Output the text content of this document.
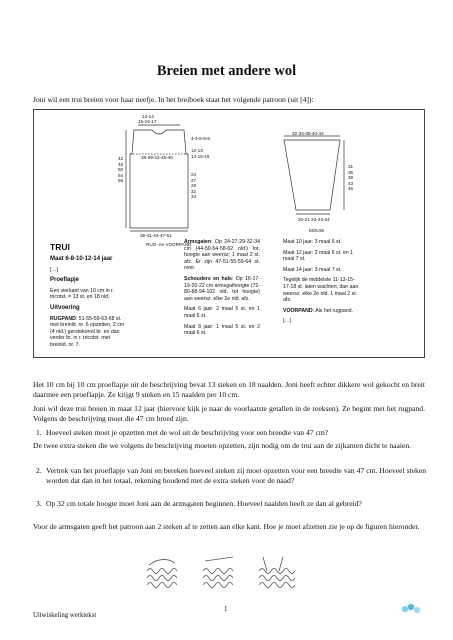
Breien met andere wol
Joni wil een trui breien voor haar neefje. In het breiboek staat het volgende patroon (uit [4]):
13-14
15-16-17
4-4-5-5-6
38-39-42-45-49
12-13
14-15-16
24
27
29
32
34
42
46
50
54
58
36-41-44-47-51
RUG- en VOORPAND
32-34-38-40-44
31
35
39
43
46
20-21-22-23-24
MOUW
TRUI

Maat 6-8-10-12-14 jaar

[…]

Proeflapje

Een vierkant van 10 cm in r. tricotst. = 13 st. en 18 nld.

Uitvoering

RUGPAND: 51-55-59-63-68 st. met breinld. nr. 6 opzetten, 2 cm (4 nld.) gerstekorrel br. en dan verder br. in r. tricotst. met breinld. nr. 7.

Armsgaten: Op 24-27-29-32-34 cm (44-50-54-58-62 nld.) tot. hoogte aan weersz; 1 maal 2 st. afz. Er zijn 47-51-55-59-64 st. over.

Schouders en hals: Op 16-17-19-20-22 cm armsgathoogte (72-80-88-94-102 nld. tot hoogte) aan weersz. elke 2e nld. afz.

Maat 6 jaar: 2 maal 5 st. en 1 maal 6 st.

Maat 8 jaar: 1 maal 5 st. en 2 maal 6 st.

Maat 10 jaar: 3 maal 6 st.

Maat 12 jaar: 2 maal 6 st. en 1 maal 7 st.

Maat 14 jaar: 3 maal 7 st.

Tegelijk de middelste 11-13-15-17-18 st. laten wachten, dan aan weersz. elke 2e nld. 1 maal 2 st. afz.

VOORPAND: Als het rugpand.

[…]

Het 10 cm bij 10 cm proeflapje uit de beschrijving bevat 13 steken en 18 naalden. Joni heeft echter dikkere wol gekocht en breit daarmee een proeflapje. Ze krijgt 9 steken en 15 naalden per 10 cm.
Joni wil deze trui breien in maat 12 jaar (hiervoor kijk je naar de voorlaatste getallen in de reeksen). Ze begint met het rugpand. Volgens de beschrijving moet die 47 cm breed zijn.
1. Hoeveel steken moet je opzetten met de wol uit de beschrijving voor een breedte van 47 cm?
De twee extra steken die we volgens de beschrijving moeten opzetten, zijn nodig om de trui aan de zijkanten dicht te naaien.
2. Vertrek van het proeflapje van Joni en bereken hoeveel steken zij moet opzetten voor een breedte van 47 cm. Hoeveel steken worden dat dan in het totaal, rekening houdend met de extra steken voor de naad?
3. Op 32 cm totale hoogte moet Joni aan de armsgaten beginnen. Hoeveel naalden heeft ze dan al gebreid?
Voor de armsgaten geeft het patroon aan 2 steken af te zetten aan elke kant. Hoe je moet afzetten zie je op de figuren hieronder.
1
Uitwiskeling werktekst
